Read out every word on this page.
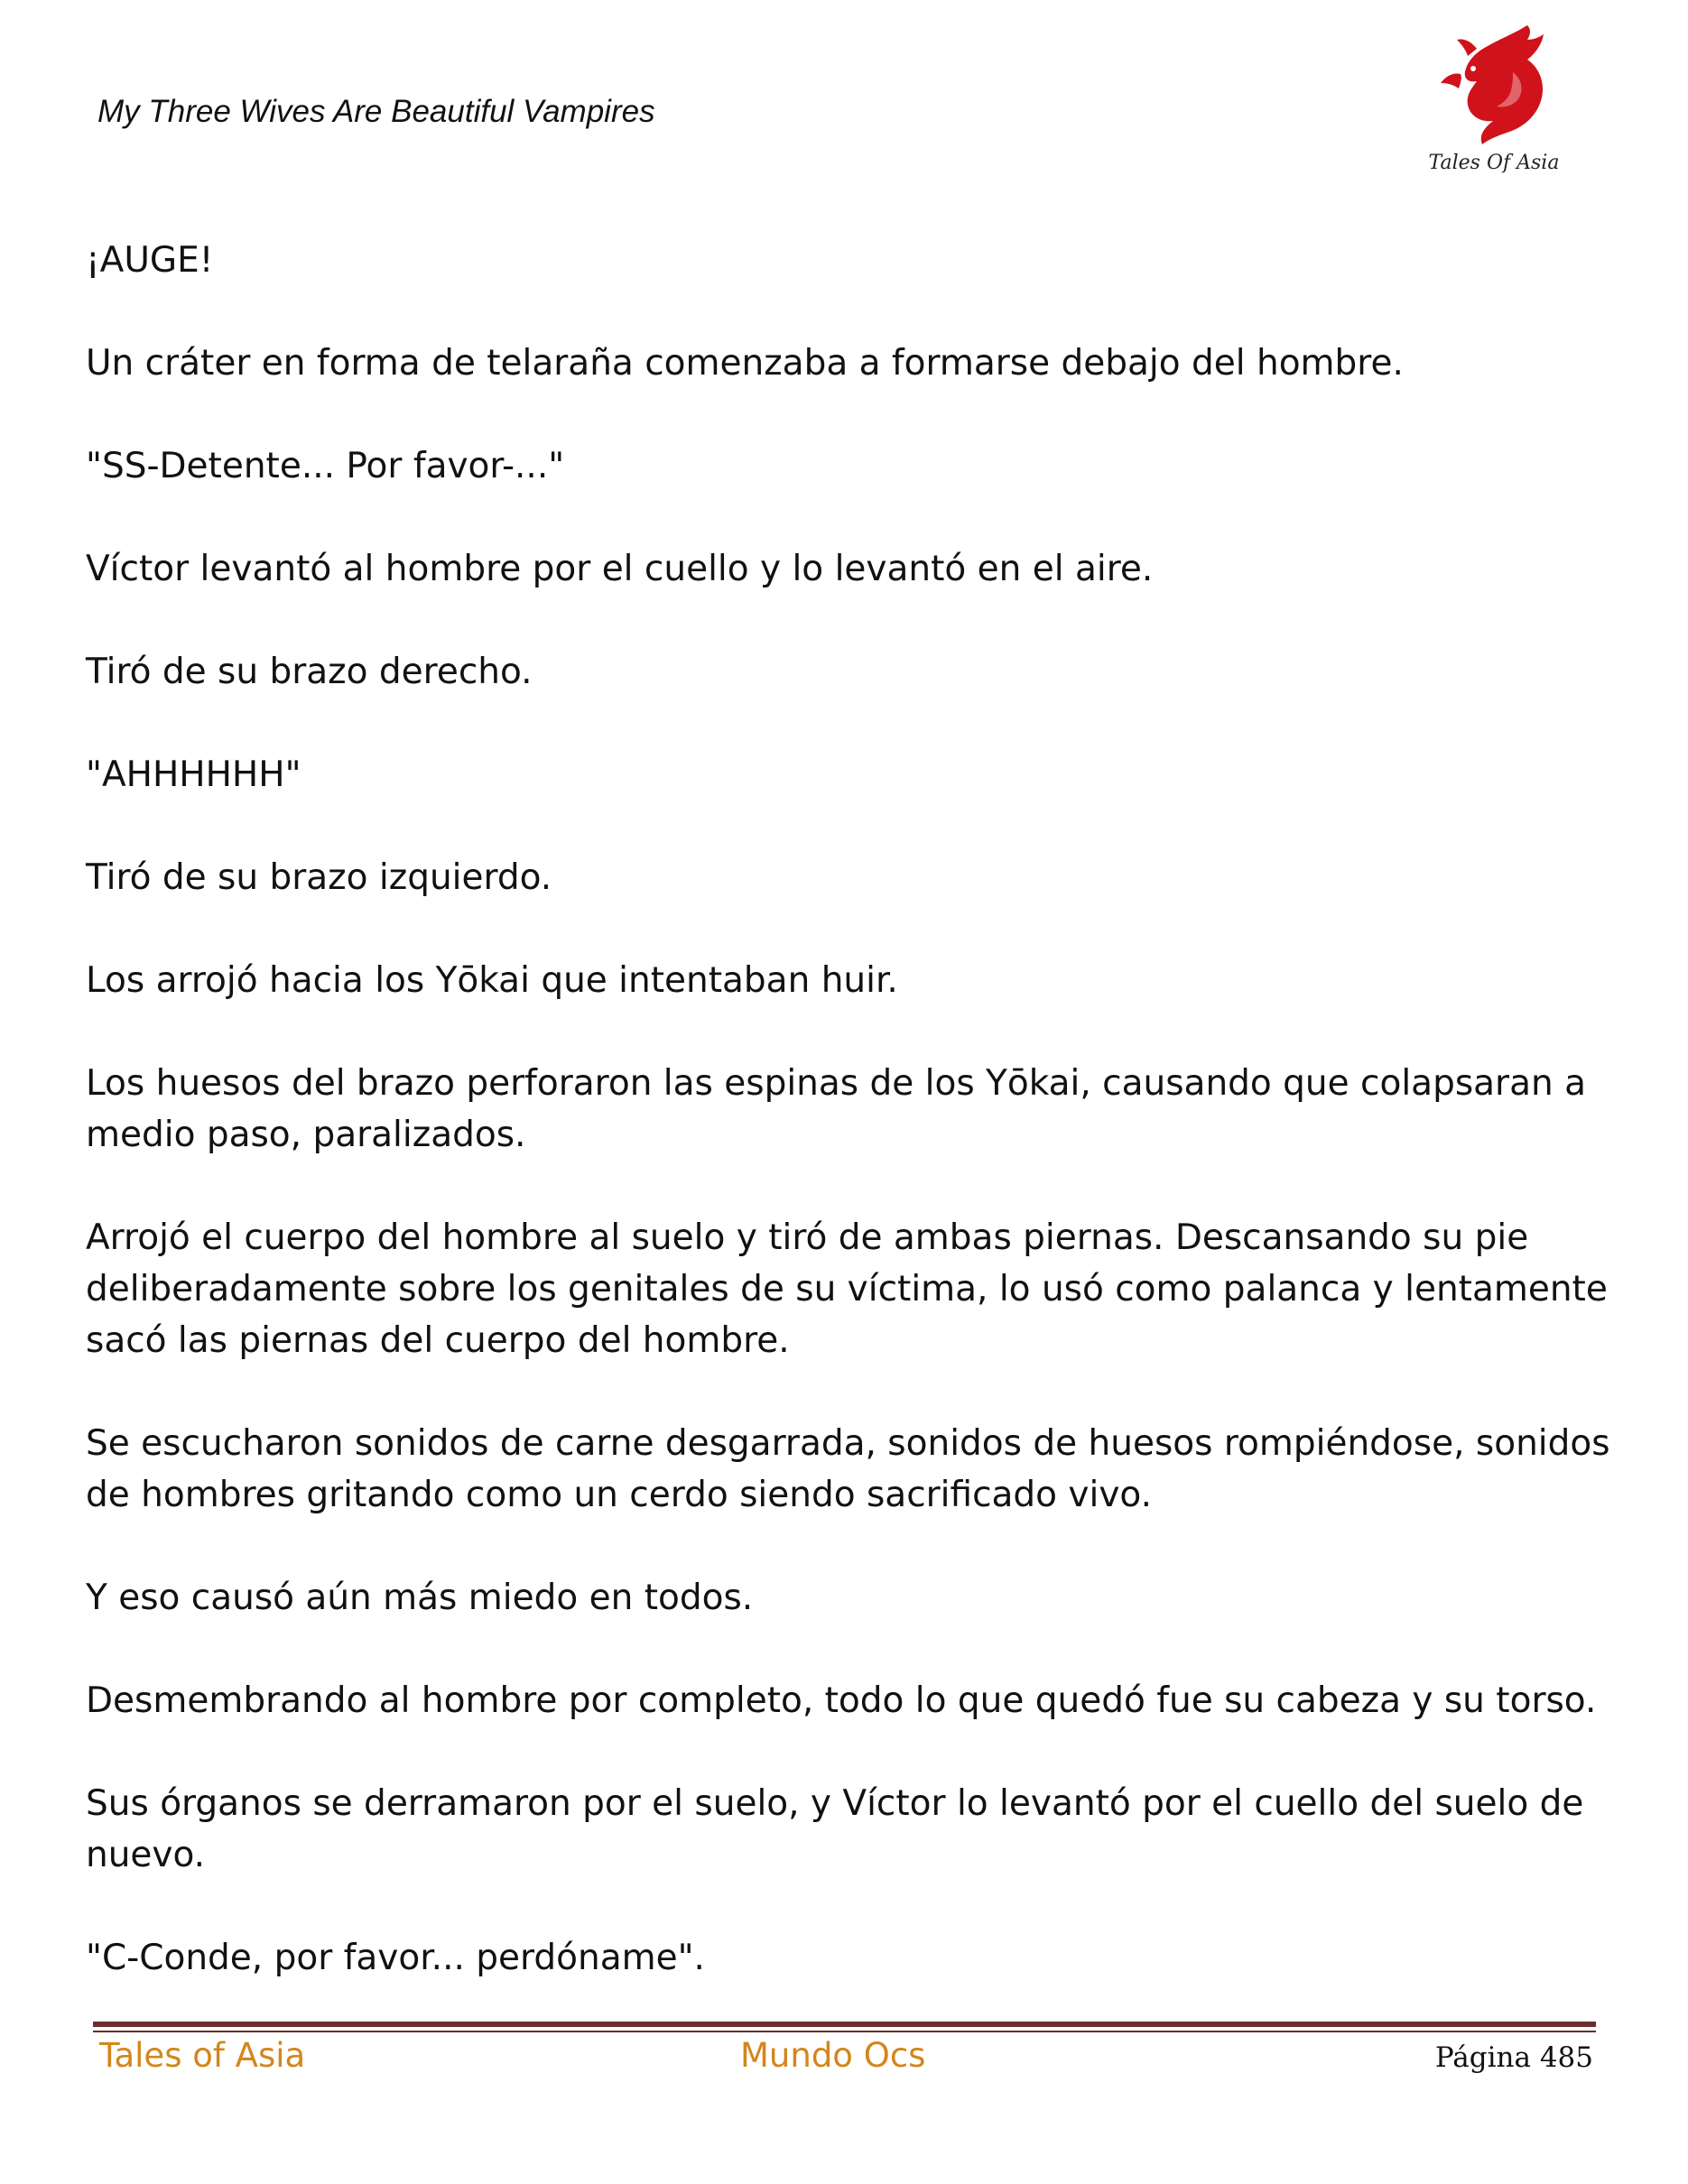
My Three Wives Are Beautiful Vampires
Tales Of Asia

¡AUGE!

Un cráter en forma de telaraña comenzaba a formarse debajo del hombre.

"SS-Detente... Por favor-..."

Víctor levantó al hombre por el cuello y lo levantó en el aire.

Tiró de su brazo derecho.

"AHHHHHH"

Tiró de su brazo izquierdo.

Los arrojó hacia los Yōkai que intentaban huir.

Los huesos del brazo perforaron las espinas de los Yōkai, causando que colapsaran a medio paso, paralizados.

Arrojó el cuerpo del hombre al suelo y tiró de ambas piernas. Descansando su pie deliberadamente sobre los genitales de su víctima, lo usó como palanca y lentamente sacó las piernas del cuerpo del hombre.

Se escucharon sonidos de carne desgarrada, sonidos de huesos rompiéndose, sonidos de hombres gritando como un cerdo siendo sacrificado vivo.

Y eso causó aún más miedo en todos.

Desmembrando al hombre por completo, todo lo que quedó fue su cabeza y su torso.

Sus órganos se derramaron por el suelo, y Víctor lo levantó por el cuello del suelo de nuevo.

"C-Conde, por favor... perdóname".

Tales of Asia	Mundo Ocs	Página 485
